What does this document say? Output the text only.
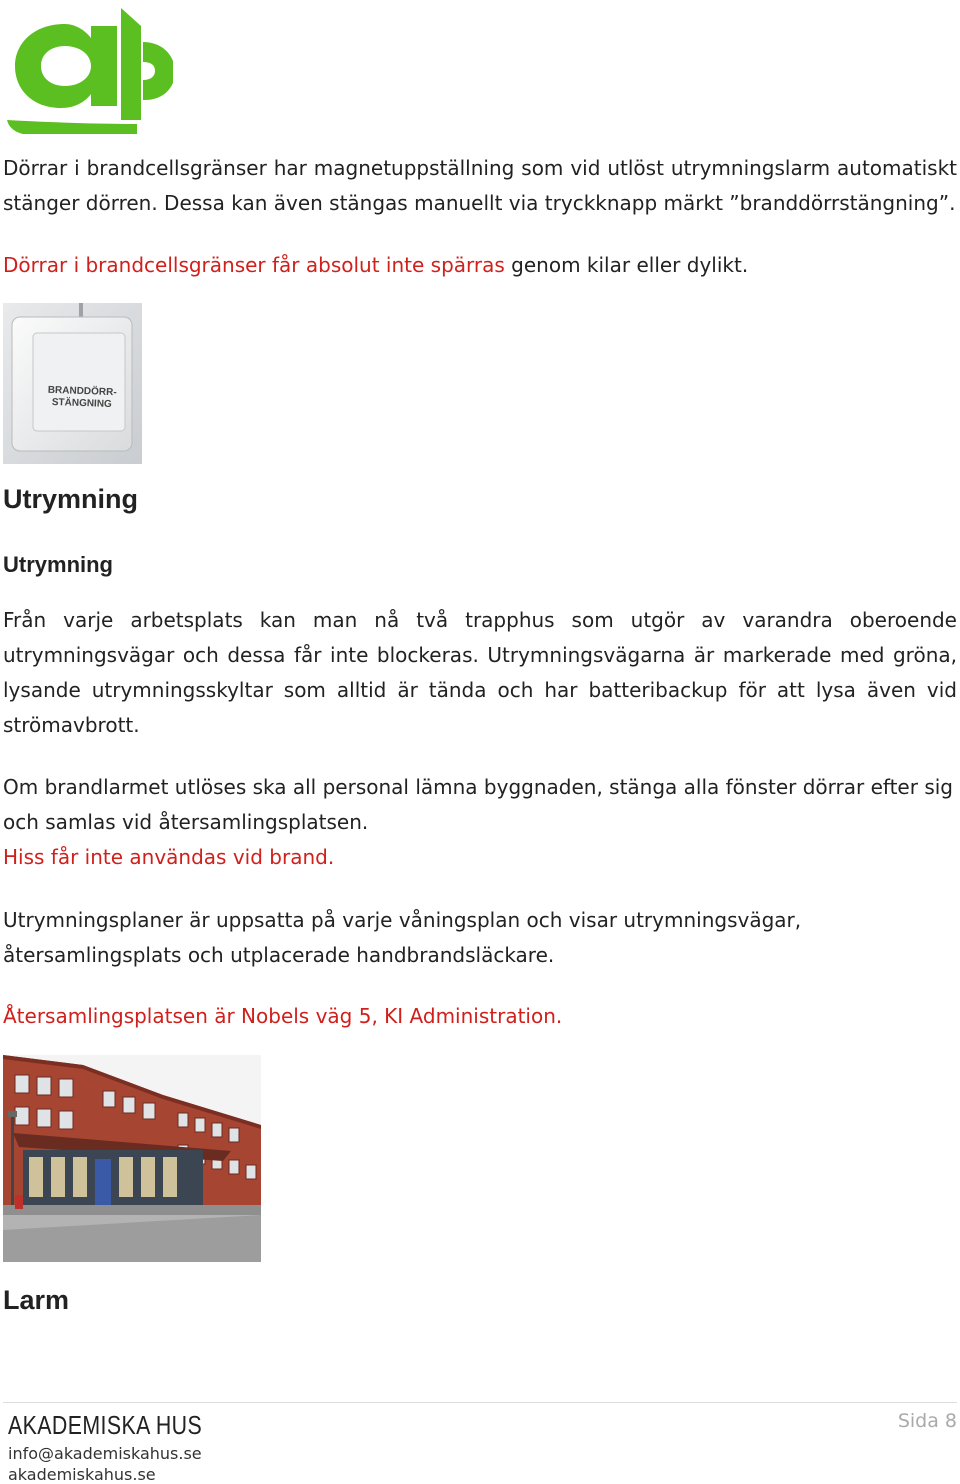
Dörrar i brandcellsgränser har magnetuppställning som vid utlöst utrymningslarm automatiskt stänger dörren. Dessa kan även stängas manuellt via tryckknapp märkt ”branddörrstängning”.

Dörrar i brandcellsgränser får absolut inte spärras genom kilar eller dylikt.

BRANDDÖRR-
STÄNGNING
Utrymning
Utrymning

Från varje arbetsplats kan man nå två trapphus som utgör av varandra oberoende utrymningsvägar och dessa får inte blockeras. Utrymningsvägarna är markerade med gröna, lysande utrymningsskyltar som alltid är tända och har batteribackup för att lysa även vid strömavbrott.

Om brandlarmet utlöses ska all personal lämna byggnaden, stänga alla fönster dörrar efter sig och samlas vid återsamlingsplatsen.
Hiss får inte användas vid brand.

Utrymningsplaner är uppsatta på varje våningsplan och visar utrymningsvägar, återsamlingsplats och utplacerade handbrandsläckare.

Återsamlingsplatsen är Nobels väg 5, KI Administration.

Larm
AKADEMISKA HUS
info@akademiskahus.se
akademiskahus.se
Sida 8
